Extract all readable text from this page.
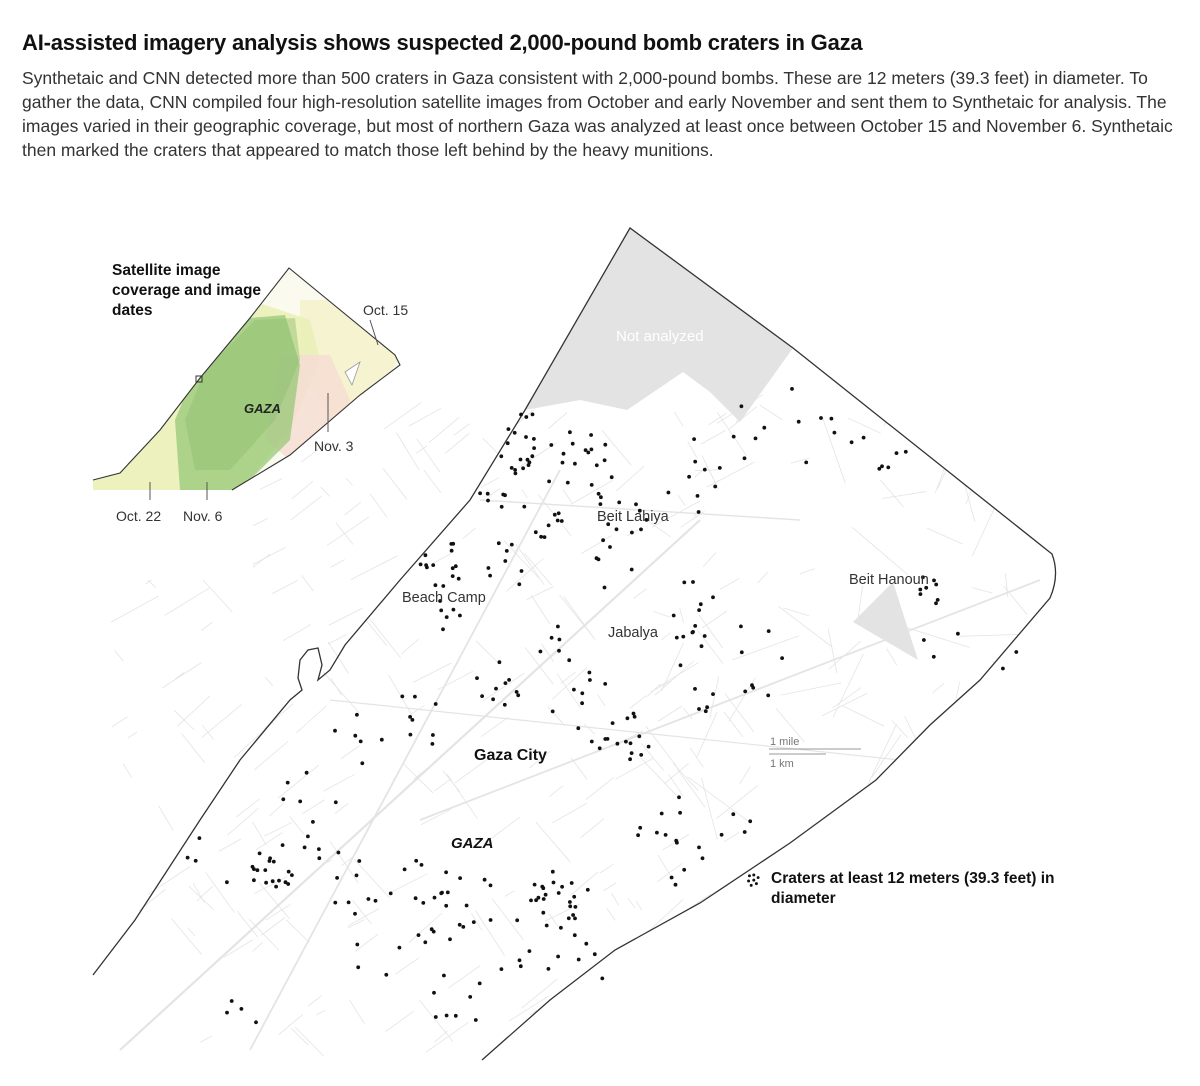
AI-assisted imagery analysis shows suspected 2,000-pound bomb craters in Gaza
Synthetaic and CNN detected more than 500 craters in Gaza consistent with 2,000-pound bombs. These are 12 meters (39.3 feet) in diameter. To gather the data, CNN compiled four high-resolution satellite images from October and early November and sent them to Synthetaic for analysis. The images varied in their geographic coverage, but most of northern Gaza was analyzed at least once between October 15 and November 6. Synthetaic then marked the craters that appeared to match those left behind by the heavy munitions.
Not analyzed
Beit Lahiya
Beit Hanoun
Beach Camp
Jabalya
Gaza City
GAZA
1 mile
1 km
GAZA
Oct. 15
Nov. 3
Oct. 22 Nov. 6
Satellite image coverage and image dates
Craters at least 12 meters (39.3 feet) in diameter
